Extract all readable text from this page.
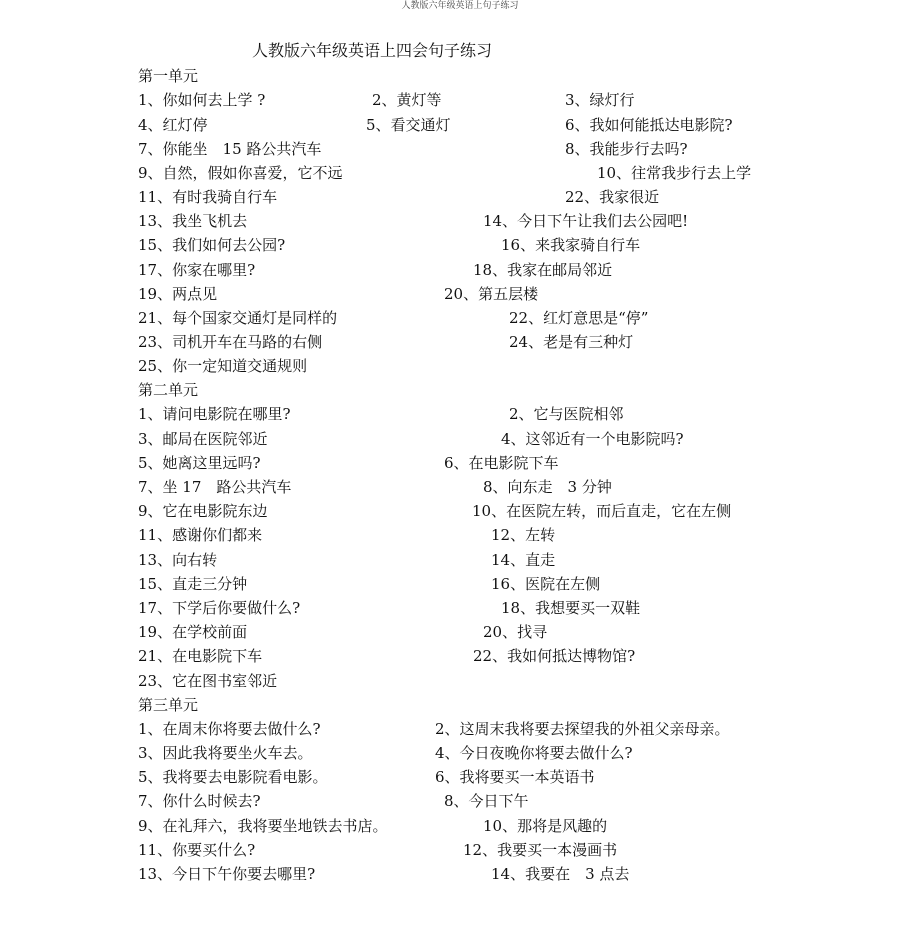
人教版六年级英语上句子练习
人教版六年级英语上四会句子练习
第一单元
1、你如何去上学 ?	2、黄灯等	3、绿灯行
4、红灯停	5、看交通灯	6、我如何能抵达电影院?
7、你能坐　15 路公共汽车	8、我能步行去吗?
9、自然，假如你喜爱，它不远	10、往常我步行去上学
11、有时我骑自行车	22、我家很近
13、我坐飞机去	14、今日下午让我们去公园吧!
15、我们如何去公园?	16、来我家骑自行车
17、你家在哪里?	18、我家在邮局邻近
19、两点见	20、第五层楼
21、每个国家交通灯是同样的	22、红灯意思是“停”
23、司机开车在马路的右侧	24、老是有三种灯
25、你一定知道交通规则
第二单元
1、请问电影院在哪里?	2、它与医院相邻
3、邮局在医院邻近	4、这邻近有一个电影院吗?
5、她离这里远吗?	6、在电影院下车
7、坐 17　路公共汽车	8、向东走　3 分钟
9、它在电影院东边	10、在医院左转，而后直走，它在左侧
11、感谢你们都来	12、左转
13、向右转	14、直走
15、直走三分钟	16、医院在左侧
17、下学后你要做什么?	18、我想要买一双鞋
19、在学校前面	20、找寻
21、在电影院下车	22、我如何抵达博物馆?
23、它在图书室邻近
第三单元
1、在周末你将要去做什么?	2、这周末我将要去探望我的外祖父亲母亲。
3、因此我将要坐火车去。	4、今日夜晚你将要去做什么?
5、我将要去电影院看电影。	6、我将要买一本英语书
7、你什么时候去?	8、今日下午
9、在礼拜六，我将要坐地铁去书店。	10、那将是风趣的
11、你要买什么?	12、我要买一本漫画书
13、今日下午你要去哪里?	14、我要在　3 点去
